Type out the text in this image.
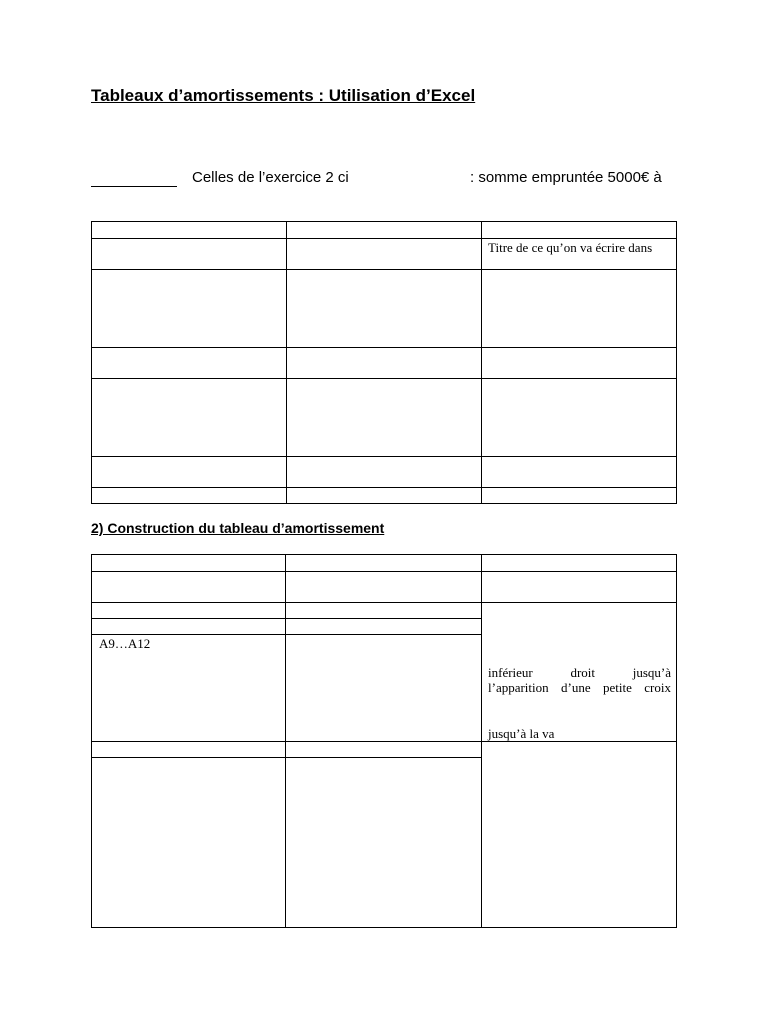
Tableaux d’amortissements : Utilisation d’Excel
Celles de l’exercice 2 ci	: somme empruntée 5000€ à
Titre de ce qu’on va écrire dans
2) Construction du tableau d’amortissement
A9…A12
inférieur	droit	jusqu’à
l’apparition d’une petite croix
jusqu’à la va
